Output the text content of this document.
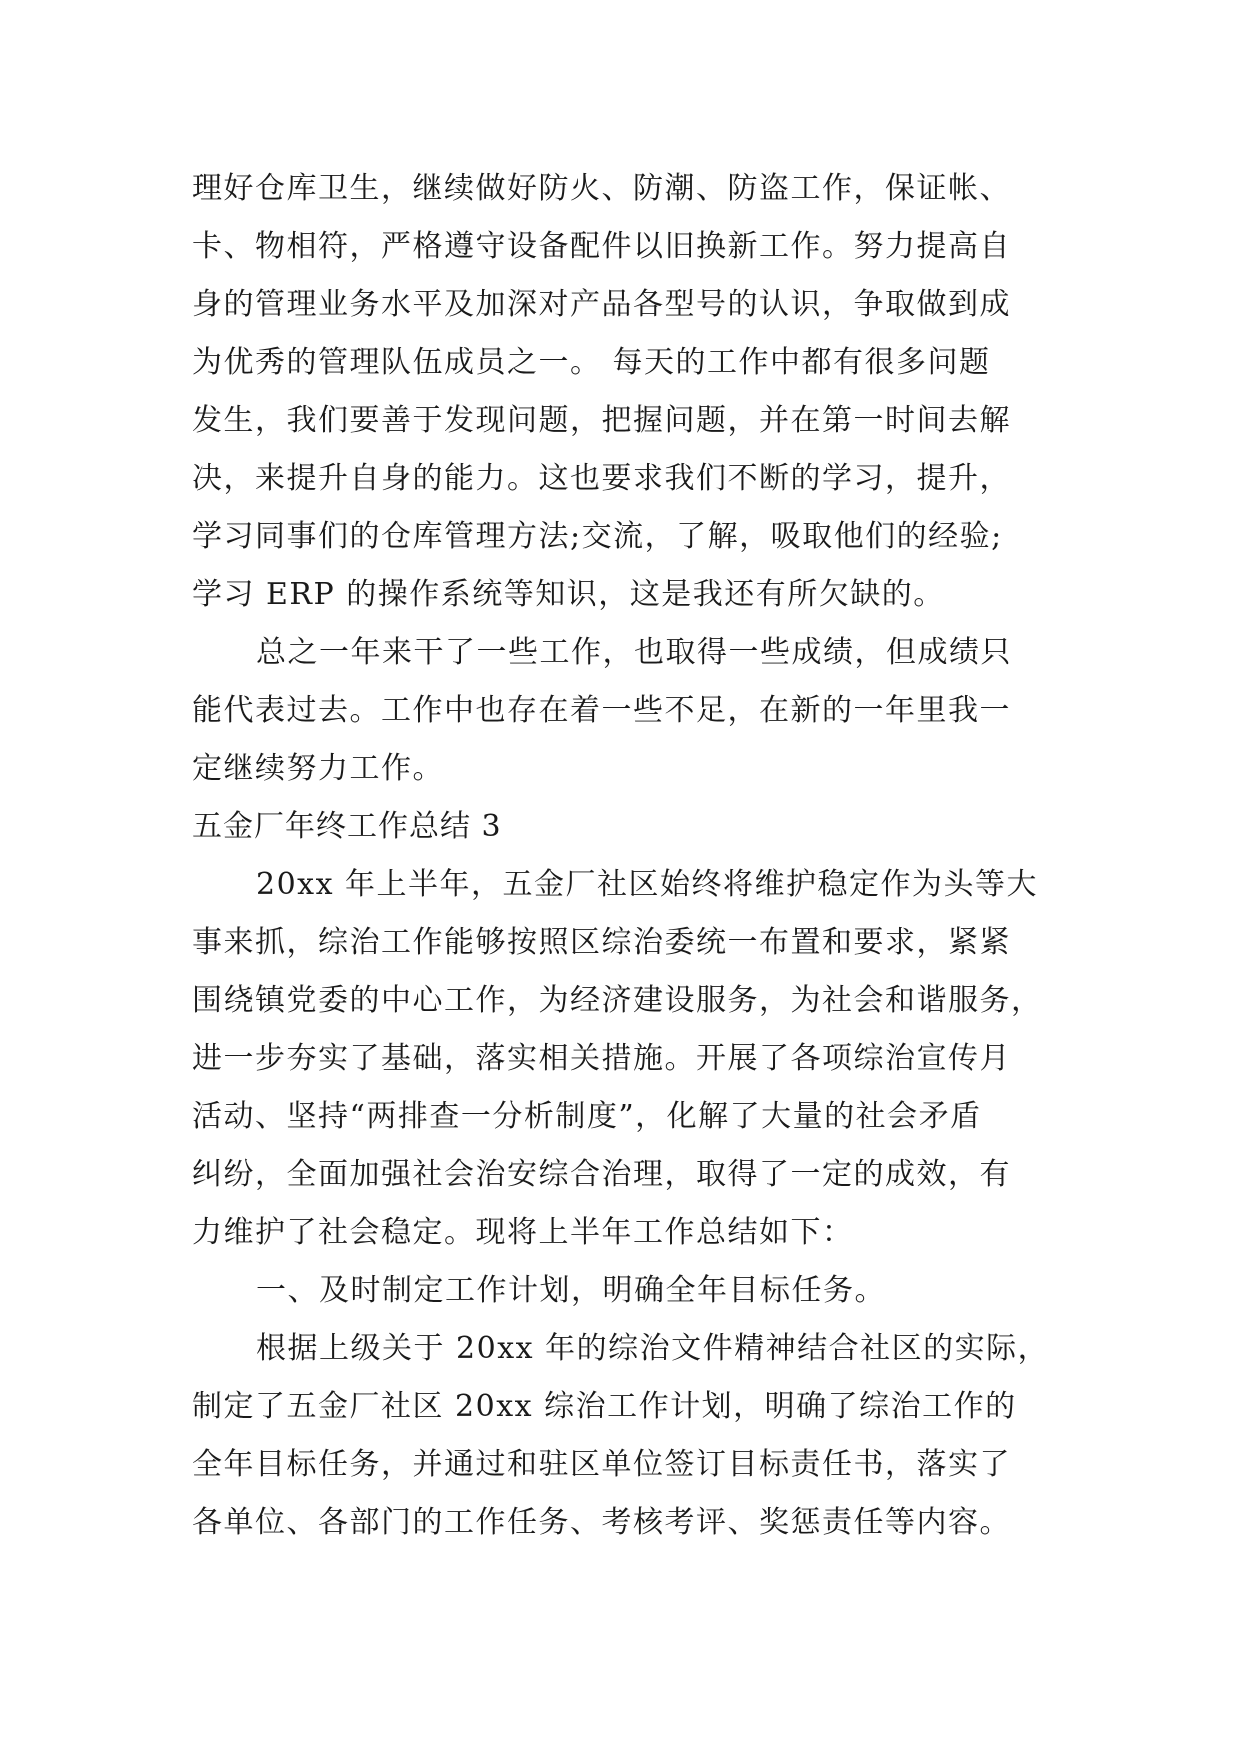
理好仓库卫生，继续做好防火、防潮、防盗工作，保证帐、
卡、物相符，严格遵守设备配件以旧换新工作。努力提高自
身的管理业务水平及加深对产品各型号的认识，争取做到成
为优秀的管理队伍成员之一。 每天的工作中都有很多问题
发生，我们要善于发现问题，把握问题，并在第一时间去解
决，来提升自身的能力。这也要求我们不断的学习，提升，
学习同事们的仓库管理方法;交流，了解，吸取他们的经验;
学习 ERP 的操作系统等知识，这是我还有所欠缺的。
总之一年来干了一些工作，也取得一些成绩，但成绩只
能代表过去。工作中也存在着一些不足，在新的一年里我一
定继续努力工作。
五金厂年终工作总结 3
20xx 年上半年，五金厂社区始终将维护稳定作为头等大
事来抓，综治工作能够按照区综治委统一布置和要求，紧紧
围绕镇党委的中心工作，为经济建设服务，为社会和谐服务，
进一步夯实了基础，落实相关措施。开展了各项综治宣传月
活动、坚持“两排查一分析制度”，化解了大量的社会矛盾
纠纷，全面加强社会治安综合治理，取得了一定的成效，有
力维护了社会稳定。现将上半年工作总结如下：
一、及时制定工作计划，明确全年目标任务。
根据上级关于 20xx 年的综治文件精神结合社区的实际，
制定了五金厂社区 20xx 综治工作计划，明确了综治工作的
全年目标任务，并通过和驻区单位签订目标责任书，落实了
各单位、各部门的工作任务、考核考评、奖惩责任等内容。
